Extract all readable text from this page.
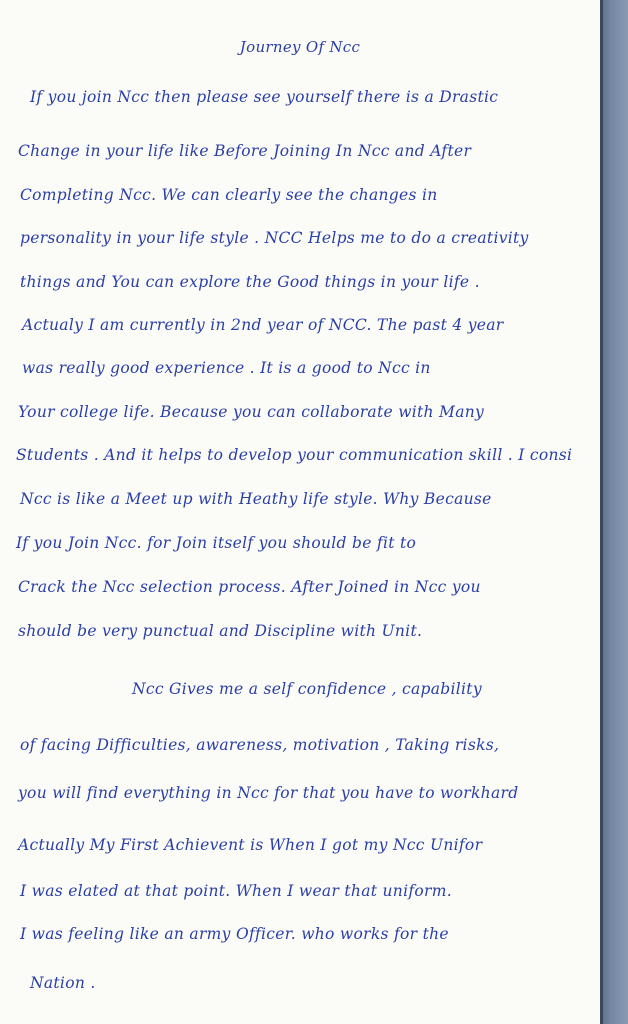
Journey Of Ncc
If you join Ncc then please see yourself there is a Drastic
Change in your life like Before Joining In Ncc and After
Completing Ncc. We can clearly see the changes in
personality in your life style . NCC Helps me to do a creativity
things and You can explore the Good things in your life .
Actualy I am currently in 2nd year of NCC. The past 4 year
was really good experience . It is a good to Ncc in
Your college life. Because you can collaborate with Many
Students . And it helps to develop your communication skill . I consi
Ncc is like a Meet up with Heathy life style. Why Because
If you Join Ncc. for Join itself you should be fit to
Crack the Ncc selection process. After Joined in Ncc you
should be very punctual and Discipline with Unit.
Ncc Gives me a self confidence , capability
of facing Difficulties, awareness, motivation , Taking risks,
you will find everything in Ncc for that you have to workhard
Actually My First Achievent is When I got my Ncc Unifor
I was elated at that point. When I wear that uniform.
I was feeling like an army Officer. who works for the
Nation .
